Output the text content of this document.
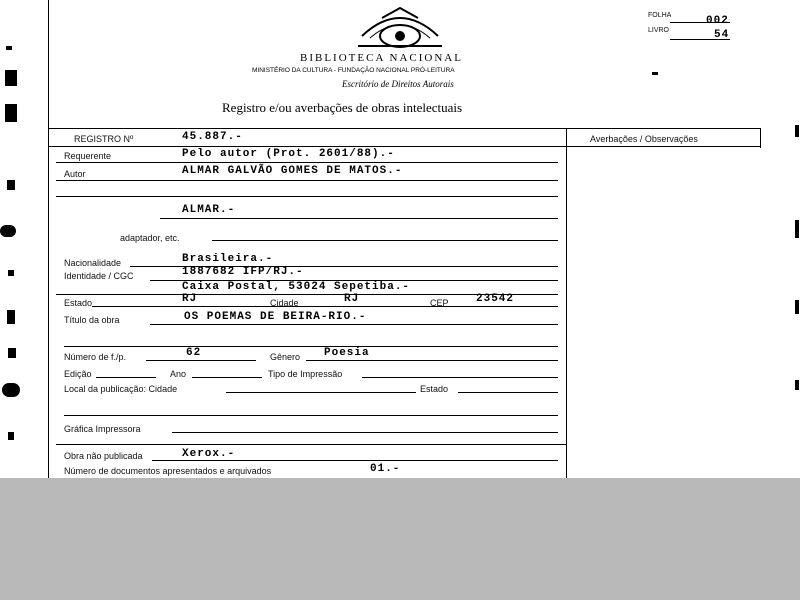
BIBLIOTECA NACIONAL
MINISTÉRIO DA CULTURA - FUNDAÇÃO NACIONAL PRÓ-LEITURA
Escritório de Direitos Autorais
Registro e/ou averbações de obras intelectuais
FOLHA	002
LIVRO	54
Averbações / Observações
REGISTRO Nº	45.887.-
Requerente	Pelo autor (Prot. 2601/88).-
Autor	ALMAR GALVÃO GOMES DE MATOS.-
ALMAR.-
adaptador, etc.
Nacionalidade	Brasileira.-
Identidade / CGC	1887682 IFP/RJ.-
Caixa Postal, 53024 Sepetiba.-
Estado	RJ	Cidade	RJ	CEP 23542
Título da obra	OS POEMAS DE BEIRA-RIO.-
Número de f./p.	62	Gênero Poesia
Edição	Ano	Tipo de Impressão
Local da publicação: Cidade	Estado
Gráfica Impressora
Obra não publicada	Xerox.-
Número de documentos apresentados e arquivados	01.-
